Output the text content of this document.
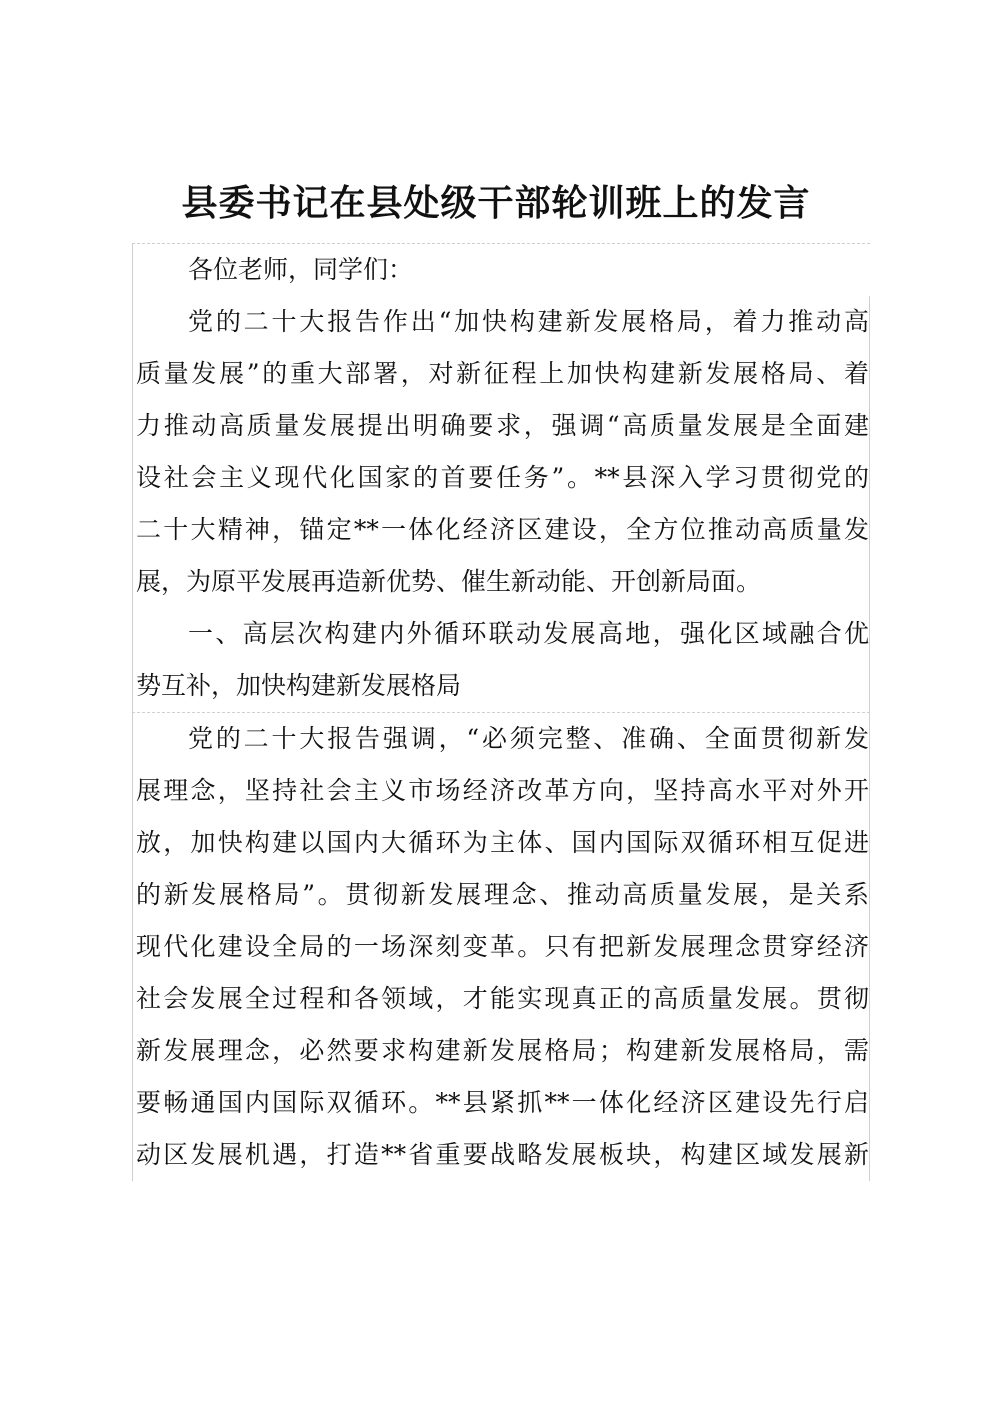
县委书记在县处级干部轮训班上的发言
各位老师，同学们：
党的二十大报告作出“加快构建新发展格局，着力推动高
质量发展”的重大部署，对新征程上加快构建新发展格局、着
力推动高质量发展提出明确要求，强调“高质量发展是全面建
设社会主义现代化国家的首要任务”。**县深入学习贯彻党的
二十大精神，锚定**一体化经济区建设，全方位推动高质量发
展，为原平发展再造新优势、催生新动能、开创新局面。
一、高层次构建内外循环联动发展高地，强化区域融合优
势互补，加快构建新发展格局
党的二十大报告强调，“必须完整、准确、全面贯彻新发
展理念，坚持社会主义市场经济改革方向，坚持高水平对外开
放，加快构建以国内大循环为主体、国内国际双循环相互促进
的新发展格局”。贯彻新发展理念、推动高质量发展，是关系
现代化建设全局的一场深刻变革。只有把新发展理念贯穿经济
社会发展全过程和各领域，才能实现真正的高质量发展。贯彻
新发展理念，必然要求构建新发展格局；构建新发展格局，需
要畅通国内国际双循环。**县紧抓**一体化经济区建设先行启
动区发展机遇，打造**省重要战略发展板块，构建区域发展新
